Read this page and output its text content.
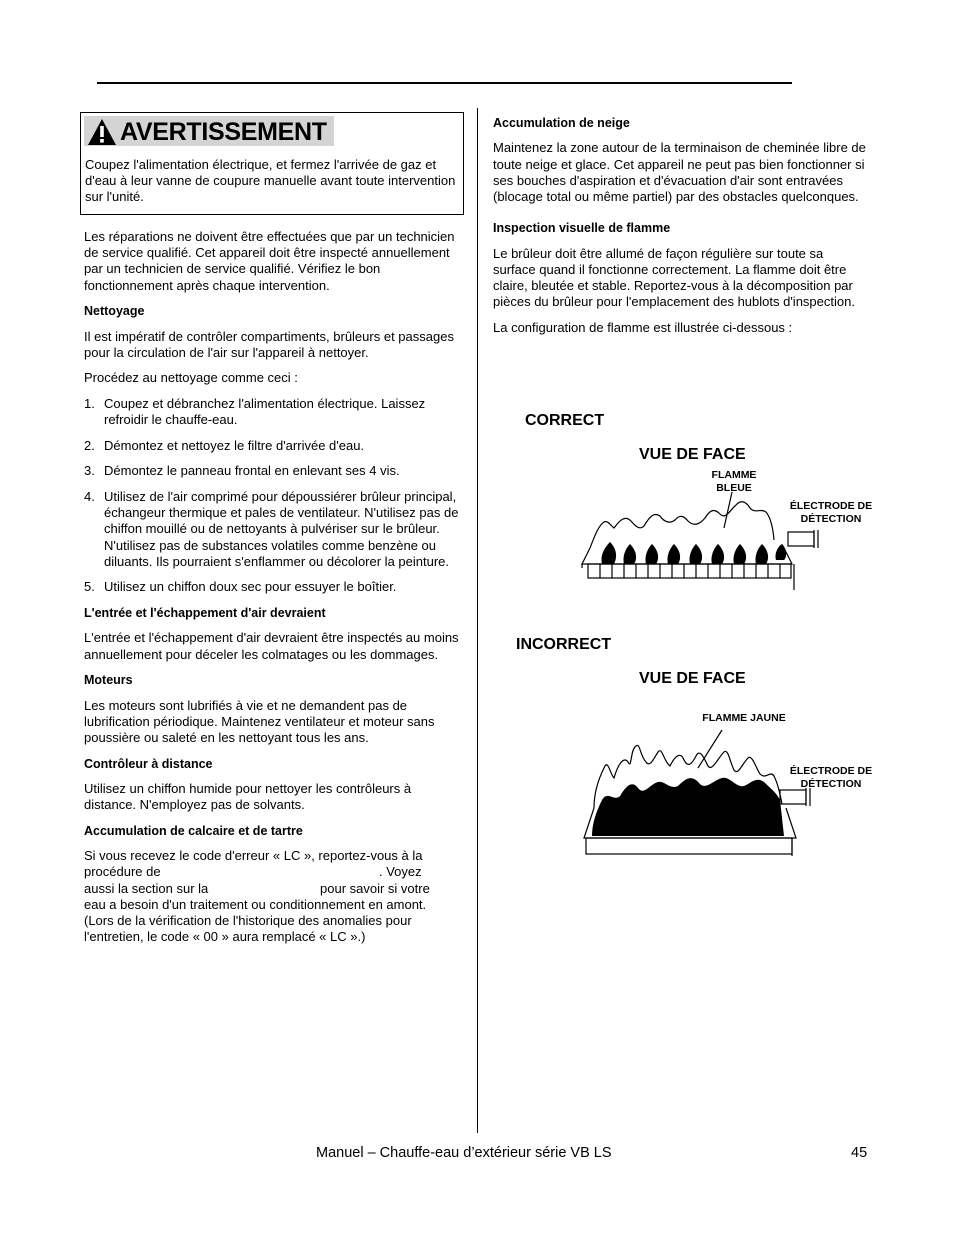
AVERTISSEMENT
Coupez l'alimentation électrique, et fermez l'arrivée de gaz et d'eau à leur vanne de coupure manuelle avant toute intervention sur l'unité.

Les réparations ne doivent être effectuées que par un technicien de service qualifié. Cet appareil doit être inspecté annuellement par un technicien de service qualifié. Vérifiez le bon fonctionnement après chaque intervention.

Nettoyage

Il est impératif de contrôler compartiments, brûleurs et passages pour la circulation de l'air sur l'appareil à nettoyer.

Procédez au nettoyage comme ceci :

1. Coupez et débranchez l'alimentation électrique. Laissez refroidir le chauffe-eau.
2. Démontez et nettoyez le filtre d'arrivée d'eau.
3. Démontez le panneau frontal en enlevant ses 4 vis.
4. Utilisez de l'air comprimé pour dépoussiérer brûleur principal, échangeur thermique et pales de ventilateur. N'utilisez pas de chiffon mouillé ou de nettoyants à pulvériser sur le brûleur. N'utilisez pas de substances volatiles comme benzène ou diluants. Ils pourraient s'enflammer ou décolorer la peinture.
5. Utilisez un chiffon doux sec pour essuyer le boîtier.
L'entrée et l'échappement d'air devraient

L'entrée et l'échappement d'air devraient être inspectés au moins annuellement pour déceler les colmatages ou les dommages.

Moteurs

Les moteurs sont lubrifiés à vie et ne demandent pas de lubrification périodique. Maintenez ventilateur et moteur sans poussière ou saleté en les nettoyant tous les ans.

Contrôleur à distance

Utilisez un chiffon humide pour nettoyer les contrôleurs à distance. N'employez pas de solvants.

Accumulation de calcaire et de tartre
Si vous recevez le code d'erreur « LC », reportez-vous à la
procédure de	. Voyez
aussi la section sur la	pour savoir si votre
eau a besoin d'un traitement ou conditionnement en amont.
(Lors de la vérification de l'historique des anomalies pour
l'entretien, le code « 00 » aura remplacé « LC ».)
Accumulation de neige

Maintenez la zone autour de la terminaison de cheminée libre de toute neige et glace. Cet appareil ne peut pas bien fonctionner si ses bouches d'aspiration et d'évacuation d'air sont entravées (blocage total ou même partiel) par des obstacles quelconques.

Inspection visuelle de flamme

Le brûleur doit être allumé de façon régulière sur toute sa surface quand il fonctionne correctement. La flamme doit être claire, bleutée et stable. Reportez-vous à la décomposition par pièces du brûleur pour l'emplacement des hublots d'inspection.

La configuration de flamme est illustrée ci-dessous :

CORRECT
VUE DE FACE
FLAMME
BLEUE
ÉLECTRODE DE
DÉTECTION
INCORRECT
VUE DE FACE
FLAMME JAUNE
ÉLECTRODE DE
DÉTECTION
Manuel – Chauffe-eau d’extérieur série VB LS	45
